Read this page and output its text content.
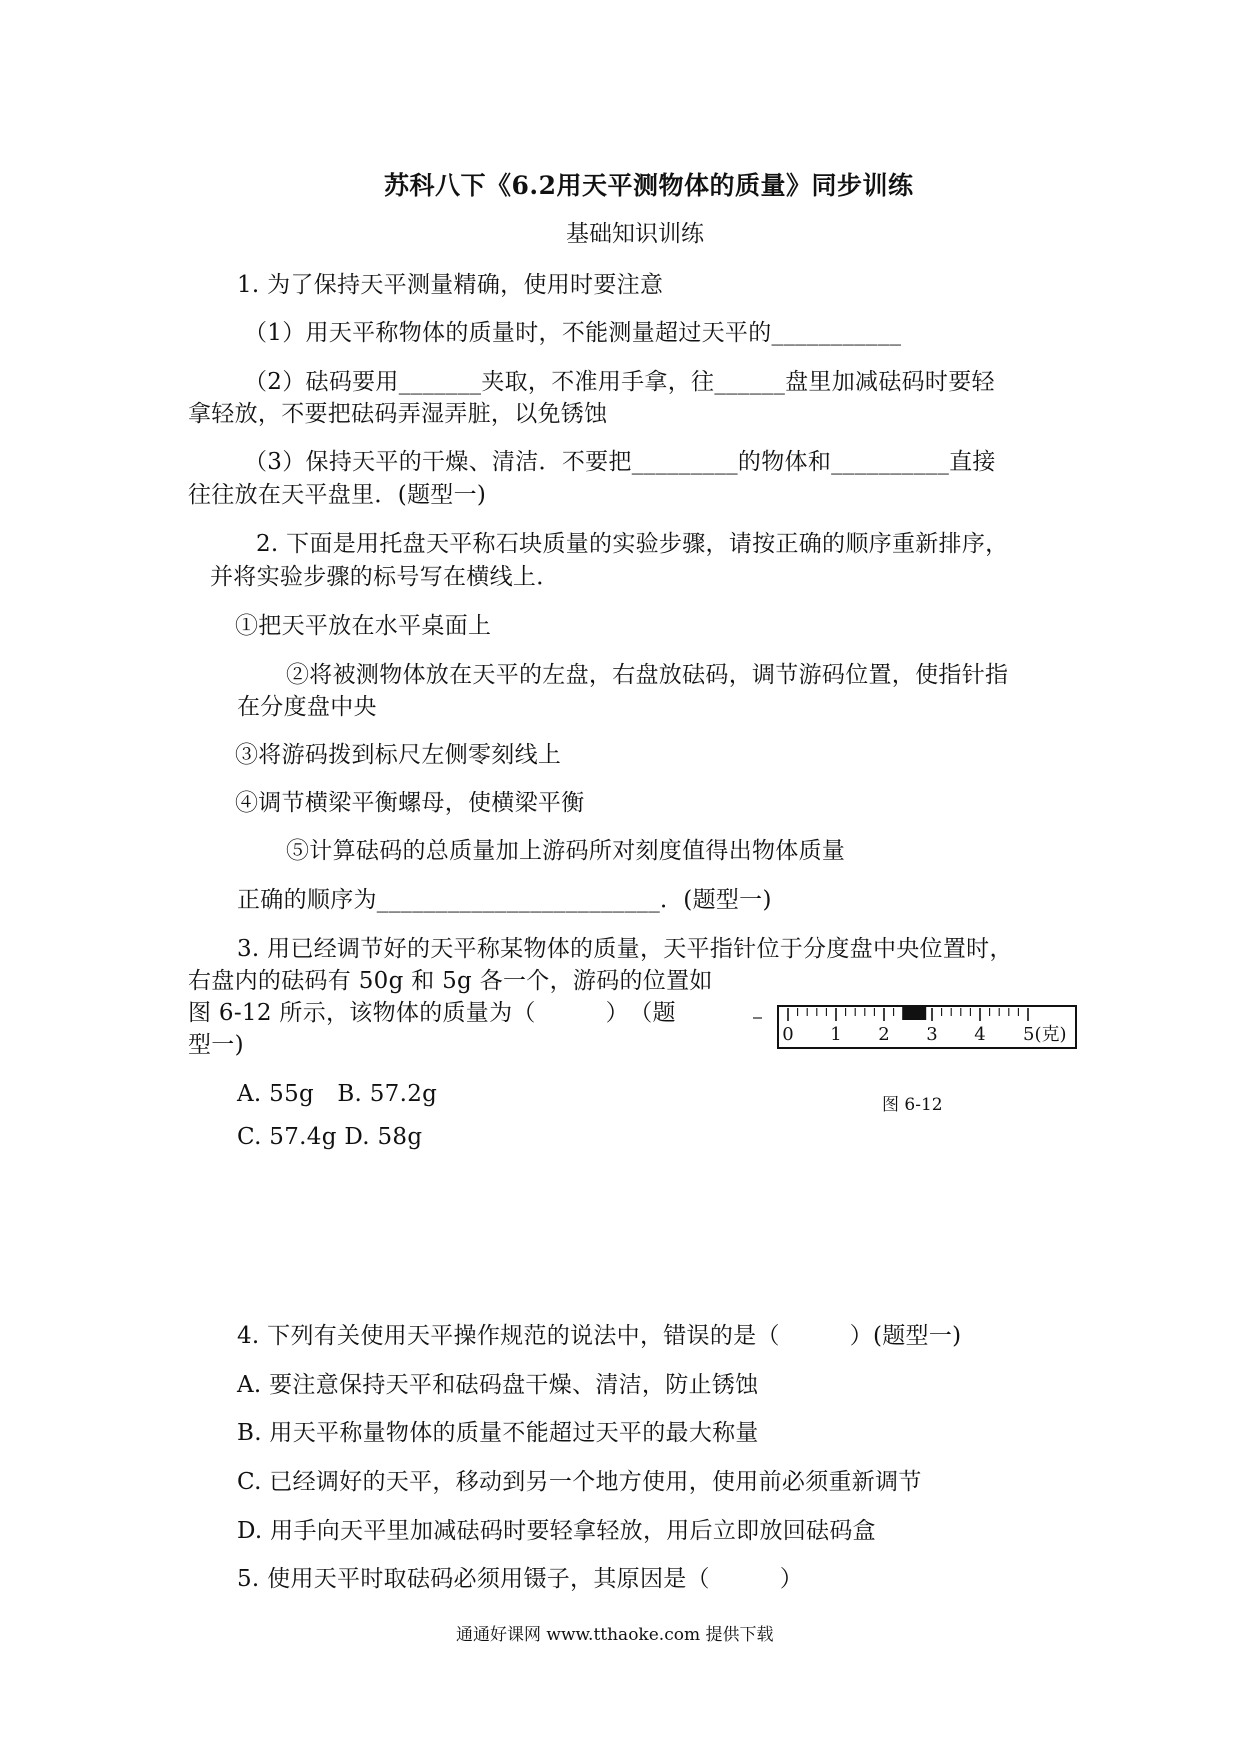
苏科八下《6.2用天平测物体的质量》同步训练
基础知识训练
1. 为了保持天平测量精确，使用时要注意
（1）用天平称物体的质量时，不能测量超过天平的___________
（2）砝码要用_______夹取，不准用手拿，往______盘里加减砝码时要轻
拿轻放，不要把砝码弄湿弄脏，以免锈蚀
（3）保持天平的干燥、清洁．不要把_________的物体和__________直接
往往放在天平盘里．(题型一)
2. 下面是用托盘天平称石块质量的实验步骤，请按正确的顺序重新排序，
并将实验步骤的标号写在横线上．
①把天平放在水平桌面上
②将被测物体放在天平的左盘，右盘放砝码，调节游码位置，使指针指
在分度盘中央
③将游码拨到标尺左侧零刻线上
④调节横梁平衡螺母，使横梁平衡
⑤计算砝码的总质量加上游码所对刻度值得出物体质量
正确的顺序为________________________．(题型一)
3. 用已经调节好的天平称某物体的质量，天平指针位于分度盘中央位置时，
右盘内的砝码有 50g 和 5g 各一个，游码的位置如
图 6-12 所示，该物体的质量为（　　　）　（题
型一)
A. 55g　B. 57.2g
C. 57.4g D. 58g
0 1 2 3 4 5(克)
图 6-12
4. 下列有关使用天平操作规范的说法中，错误的是（　　　）(题型一)
A. 要注意保持天平和砝码盘干燥、清洁，防止锈蚀
B. 用天平称量物体的质量不能超过天平的最大称量
C. 已经调好的天平，移动到另一个地方使用，使用前必须重新调节
D. 用手向天平里加减砝码时要轻拿轻放，用后立即放回砝码盒
5. 使用天平时取砝码必须用镊子，其原因是（　　　）
通通好课网 www.tthaoke.com 提供下载
